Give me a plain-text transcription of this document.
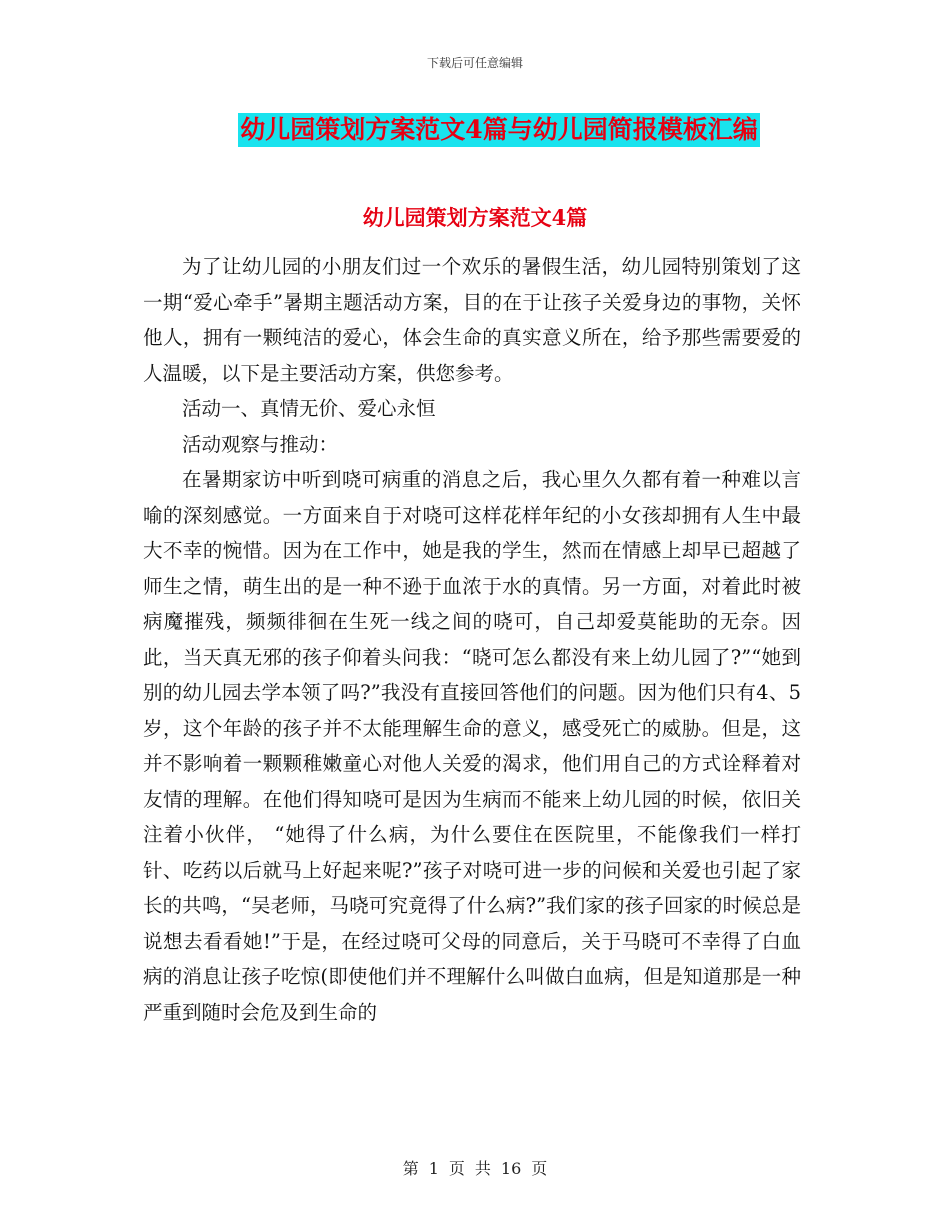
下载后可任意编辑
幼儿园策划方案范文4篇与幼儿园简报模板汇编
幼儿园策划方案范文4篇

为了让幼儿园的小朋友们过一个欢乐的暑假生活，幼儿园特别策划了这一期“爱心牵手”暑期主题活动方案，目的在于让孩子关爱身边的事物，关怀他人，拥有一颗纯洁的爱心，体会生命的真实意义所在，给予那些需要爱的人温暖，以下是主要活动方案，供您参考。

活动一、真情无价、爱心永恒

活动观察与推动：

在暑期家访中听到哓可病重的消息之后，我心里久久都有着一种难以言喻的深刻感觉。一方面来自于对哓可这样花样年纪的小女孩却拥有人生中最大不幸的惋惜。因为在工作中，她是我的学生，然而在情感上却早已超越了师生之情，萌生出的是一种不逊于血浓于水的真情。另一方面，对着此时被病魔摧残，频频徘徊在生死一线之间的哓可，自己却爱莫能助的无奈。因此，当天真无邪的孩子仰着头问我：“晓可怎么都没有来上幼儿园了?”“她到别的幼儿园去学本领了吗?”我没有直接回答他们的问题。因为他们只有4、5岁，这个年龄的孩子并不太能理解生命的意义，感受死亡的威胁。但是，这并不影响着一颗颗稚嫩童心对他人关爱的渴求，他们用自己的方式诠释着对友情的理解。在他们得知哓可是因为生病而不能来上幼儿园的时候，依旧关注着小伙伴， “她得了什么病，为什么要住在医院里，不能像我们一样打针、吃药以后就马上好起来呢?”孩子对哓可进一步的问候和关爱也引起了家长的共鸣，“吴老师，马哓可究竟得了什么病?”我们家的孩子回家的时候总是说想去看看她!”于是，在经过哓可父母的同意后，关于马晓可不幸得了白血病的消息让孩子吃惊(即使他们并不理解什么叫做白血病，但是知道那是一种严重到随时会危及到生命的

第 1 页 共 16 页
